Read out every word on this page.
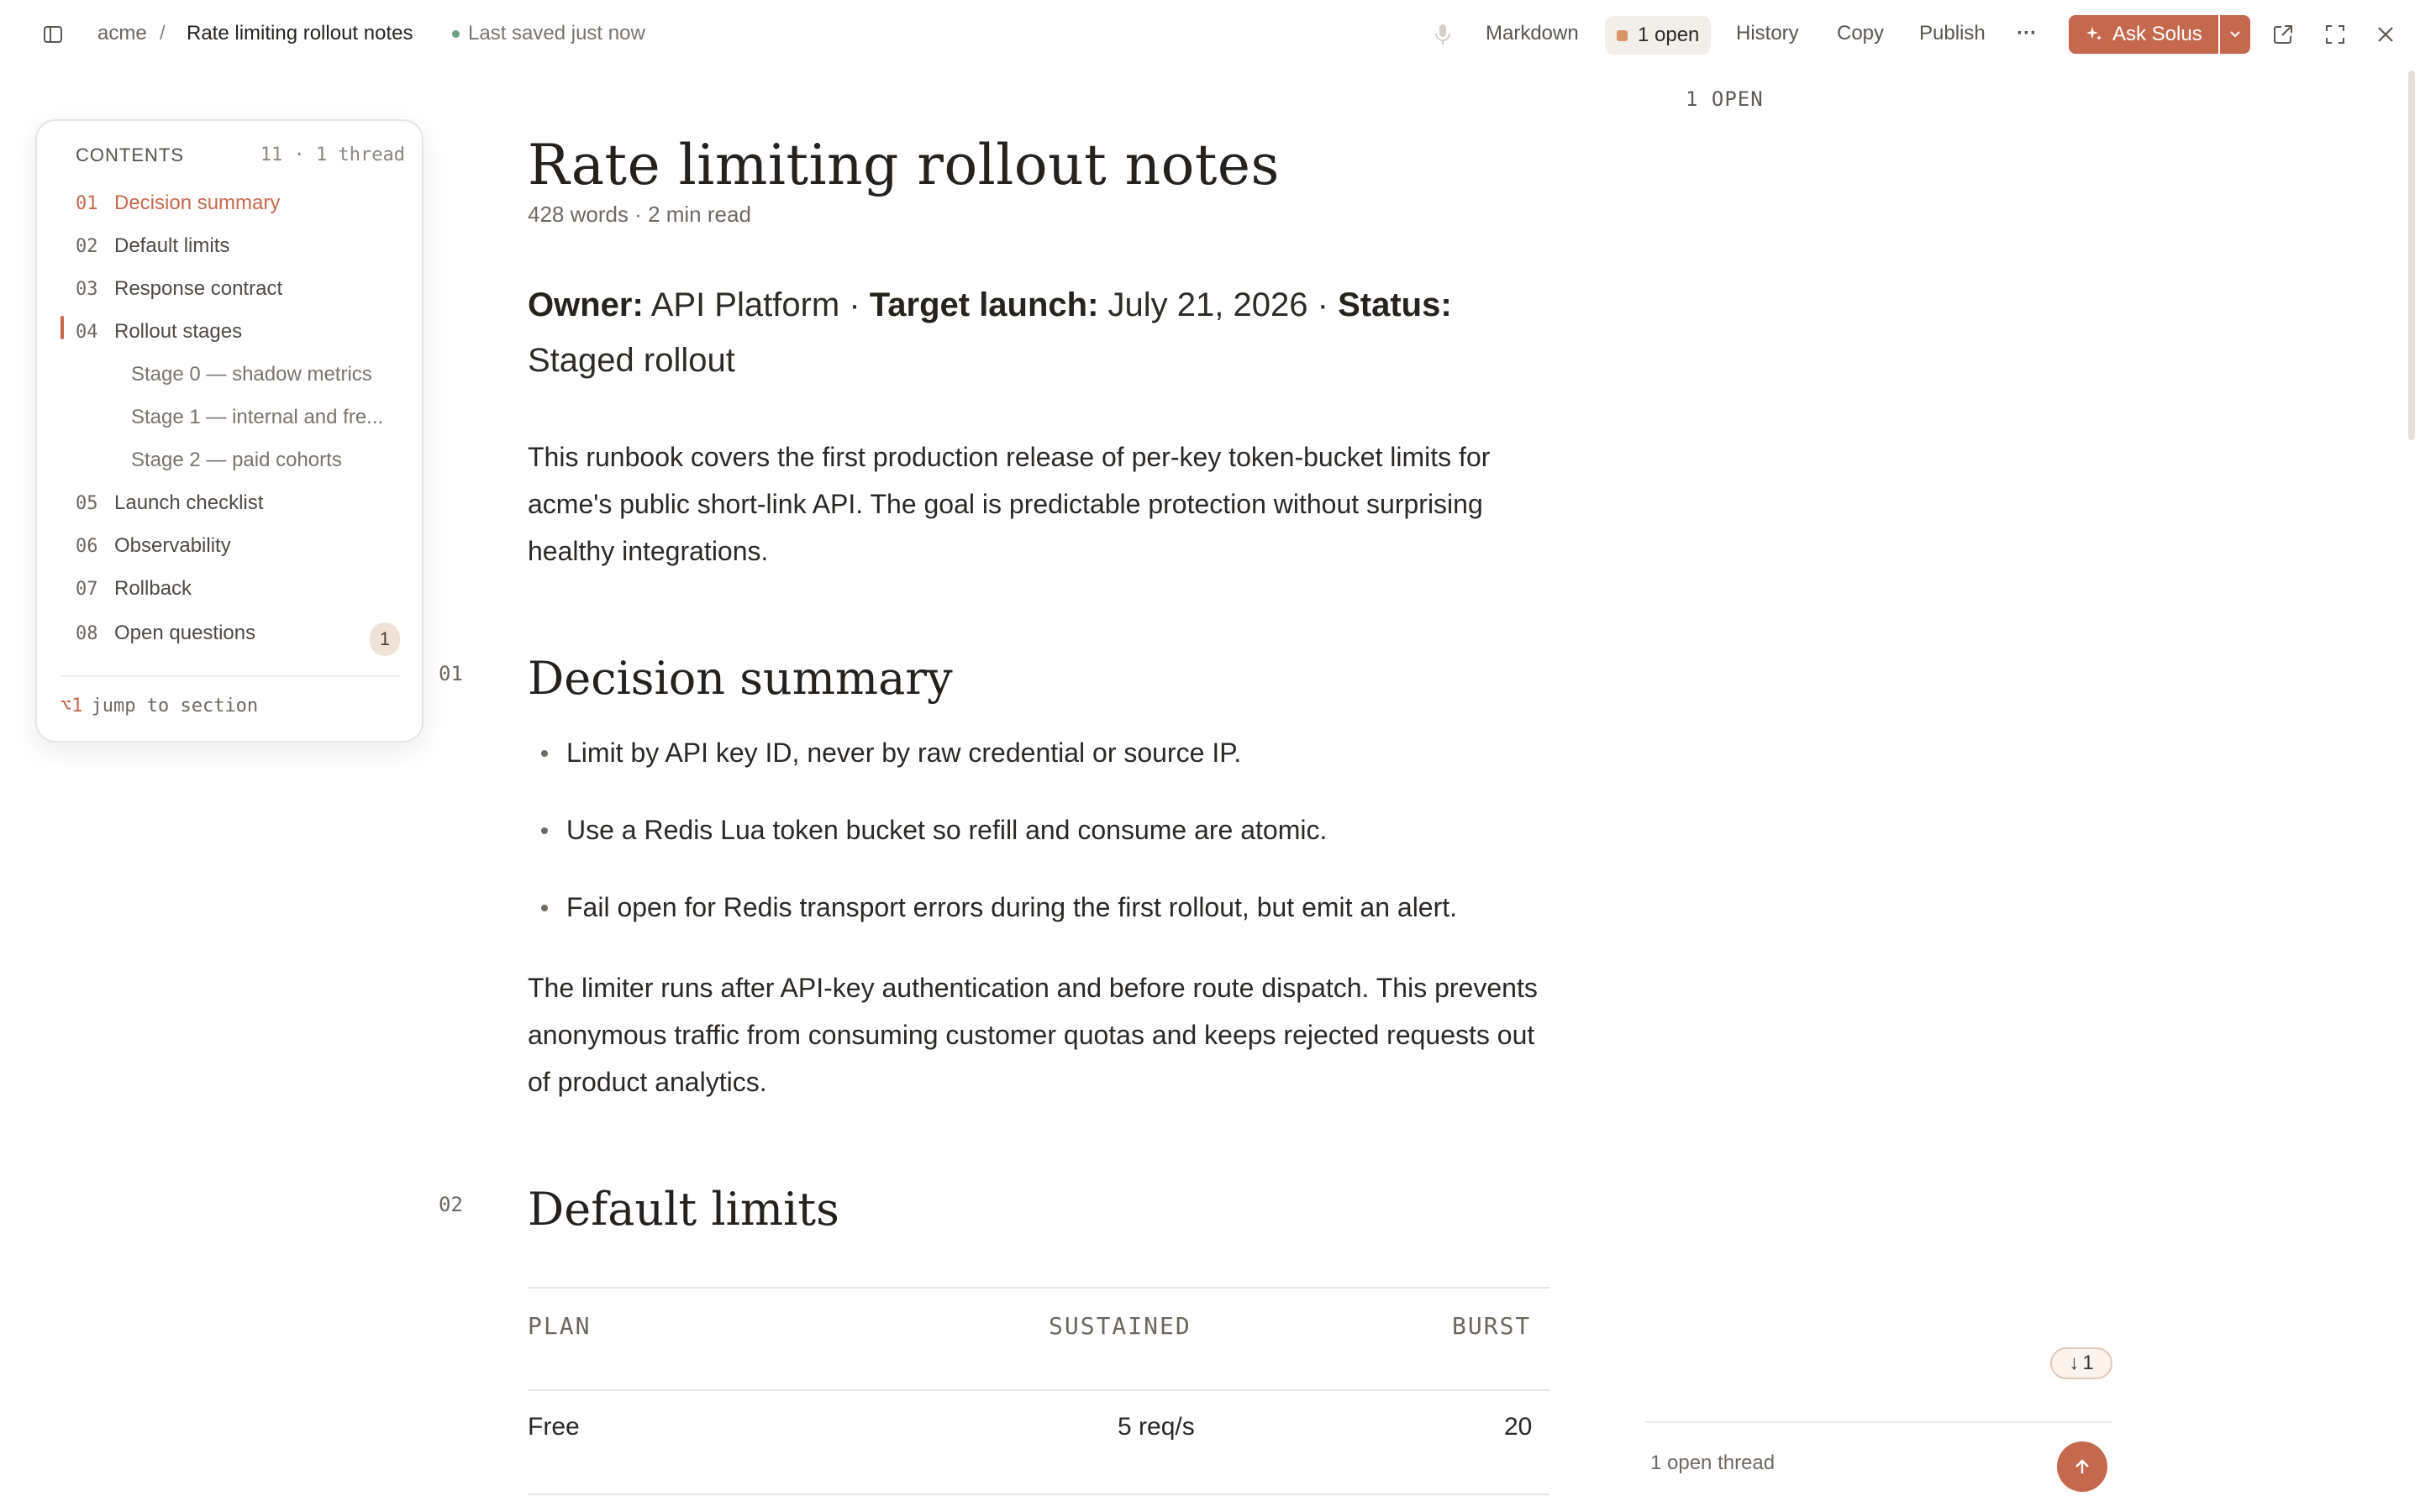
acme / Rate limiting rollout notes	Last saved just now	Markdown	1 open History Copy Publish ···	Ask Solus
CONTENTS	11 · 1 thread
01 Decision summary
02 Default limits
03 Response contract
04 Rollout stages
Stage 0 — shadow metrics
Stage 1 — internal and fre...
Stage 2 — paid cohorts
05 Launch checklist
06 Observability
07 Rollback
08 Open questions	1
⌥1 jump to section
Rate limiting rollout notes
428 words · 2 min read
Owner: API Platform · Target launch: July 21, 2026 · Status: Staged rollout
This runbook covers the first production release of per-key token-bucket limits for acme's public short-link API. The goal is predictable protection without surprising healthy integrations.
01 Decision summary
Limit by API key ID, never by raw credential or source IP.
Use a Redis Lua token bucket so refill and consume are atomic.
Fail open for Redis transport errors during the first rollout, but emit an alert.
The limiter runs after API-key authentication and before route dispatch. This prevents anonymous traffic from consuming customer quotas and keeps rejected requests out of product analytics.
02 Default limits
PLAN	SUSTAINED	BURST
Free	5 req/s	20
1 OPEN
↓ 1
1 open thread
